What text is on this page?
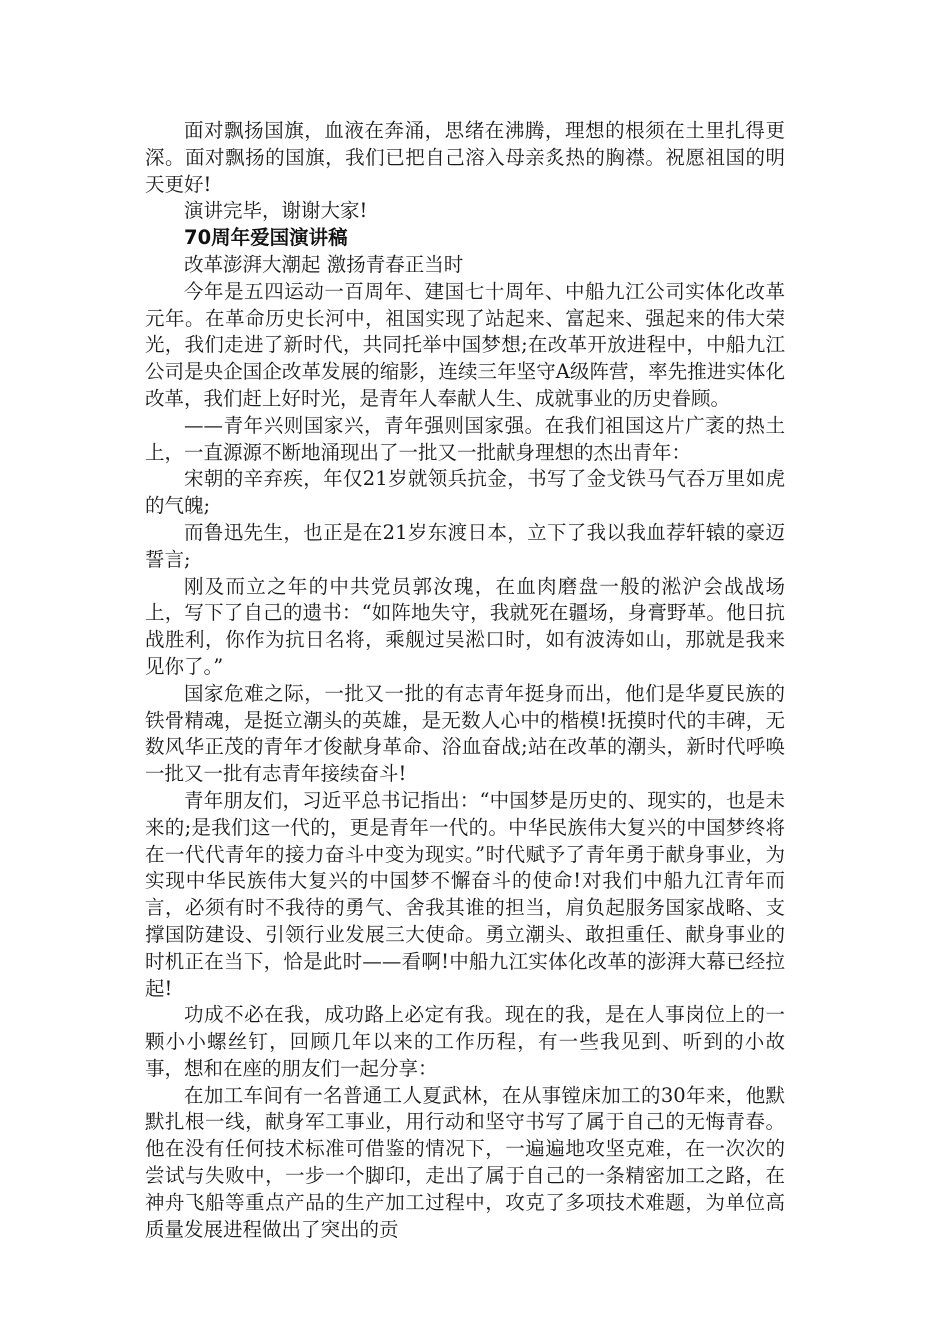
面对飘扬国旗，血液在奔涌，思绪在沸腾，理想的根须在土里扎得更深。面对飘扬的国旗，我们已把自己溶入母亲炙热的胸襟。祝愿祖国的明天更好!

演讲完毕，谢谢大家!

70周年爱国演讲稿

改革澎湃大潮起 激扬青春正当时

今年是五四运动一百周年、建国七十周年、中船九江公司实体化改革元年。在革命历史长河中，祖国实现了站起来、富起来、强起来的伟大荣光，我们走进了新时代，共同托举中国梦想;在改革开放进程中，中船九江公司是央企国企改革发展的缩影，连续三年坚守A级阵营，率先推进实体化改革，我们赶上好时光，是青年人奉献人生、成就事业的历史眷顾。

——青年兴则国家兴，青年强则国家强。在我们祖国这片广袤的热土上，一直源源不断地涌现出了一批又一批献身理想的杰出青年：

宋朝的辛弃疾，年仅21岁就领兵抗金，书写了金戈铁马气吞万里如虎的气魄;

而鲁迅先生，也正是在21岁东渡日本，立下了我以我血荐轩辕的豪迈誓言;

刚及而立之年的中共党员郭汝瑰，在血肉磨盘一般的淞沪会战战场上，写下了自己的遗书：“如阵地失守，我就死在疆场，身膏野革。他日抗战胜利，你作为抗日名将，乘舰过吴淞口时，如有波涛如山，那就是我来见你了。”

国家危难之际，一批又一批的有志青年挺身而出，他们是华夏民族的铁骨精魂，是挺立潮头的英雄，是无数人心中的楷模!抚摸时代的丰碑，无数风华正茂的青年才俊献身革命、浴血奋战;站在改革的潮头，新时代呼唤一批又一批有志青年接续奋斗!

青年朋友们，习近平总书记指出：“中国梦是历史的、现实的，也是未来的;是我们这一代的，更是青年一代的。中华民族伟大复兴的中国梦终将在一代代青年的接力奋斗中变为现实。”时代赋予了青年勇于献身事业，为实现中华民族伟大复兴的中国梦不懈奋斗的使命!对我们中船九江青年而言，必须有时不我待的勇气、舍我其谁的担当，肩负起服务国家战略、支撑国防建设、引领行业发展三大使命。勇立潮头、敢担重任、献身事业的时机正在当下，恰是此时——看啊!中船九江实体化改革的澎湃大幕已经拉起!

功成不必在我，成功路上必定有我。现在的我，是在人事岗位上的一颗小小螺丝钉，回顾几年以来的工作历程，有一些我见到、听到的小故事，想和在座的朋友们一起分享：

在加工车间有一名普通工人夏武林，在从事镗床加工的30年来，他默默扎根一线，献身军工事业，用行动和坚守书写了属于自己的无悔青春。他在没有任何技术标准可借鉴的情况下，一遍遍地攻坚克难，在一次次的尝试与失败中，一步一个脚印，走出了属于自己的一条精密加工之路，在神舟飞船等重点产品的生产加工过程中，攻克了多项技术难题，为单位高质量发展进程做出了突出的贡
